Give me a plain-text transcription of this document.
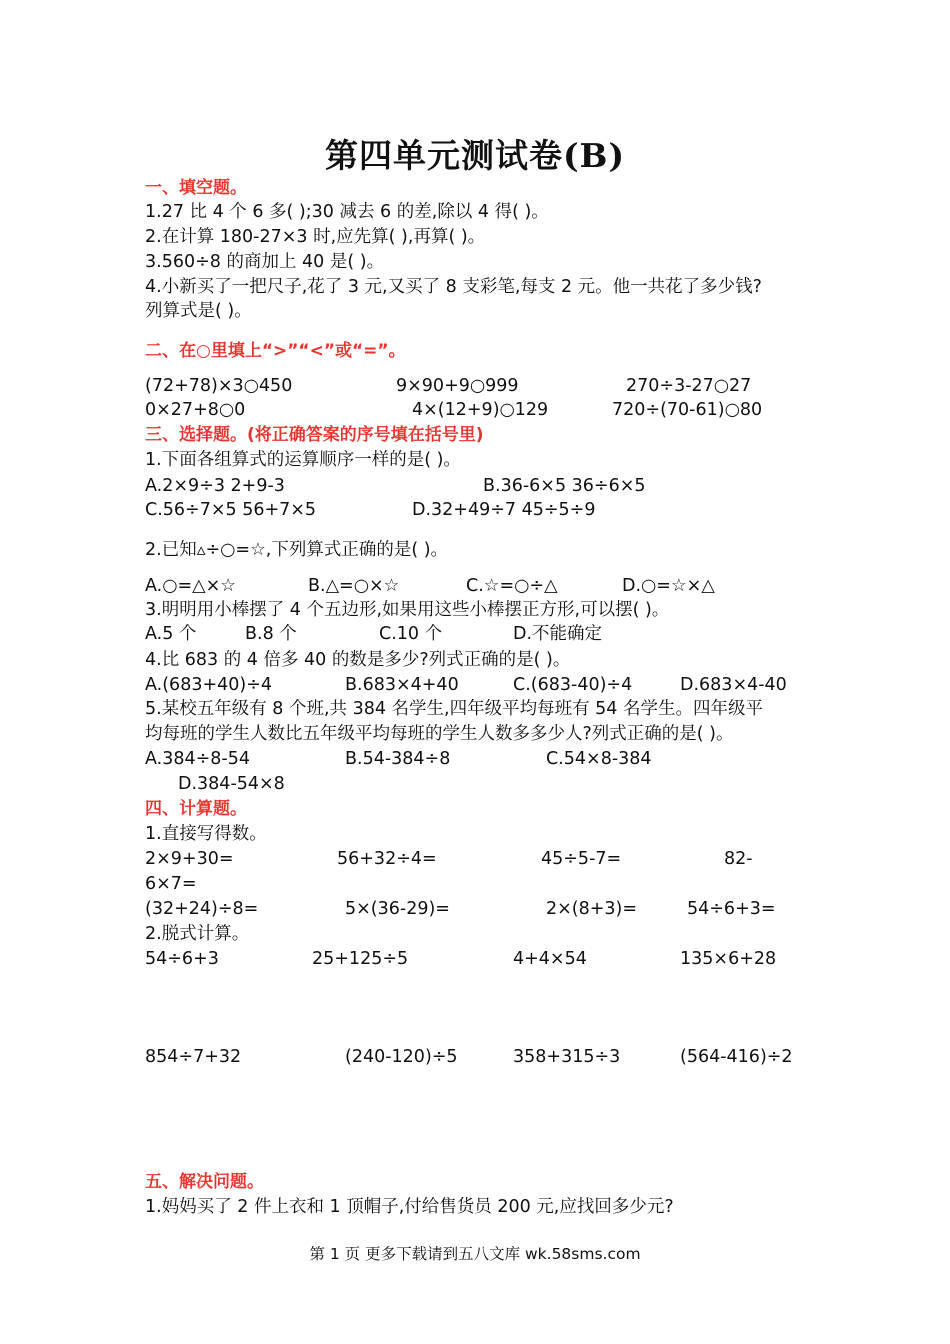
第四单元测试卷(B)
一、填空题。
1.27 比 4 个 6 多( );30 减去 6 的差,除以 4 得( )。
2.在计算 180-27×3 时,应先算( ),再算( )。
3.560÷8 的商加上 40 是( )。
4.小新买了一把尺子,花了 3 元,又买了 8 支彩笔,每支 2 元。他一共花了多少钱?
列算式是( )。
二、在○里填上“>”“<”或“=”。
(72+78)×3○450	9×90+9○999	270÷3-27○27
0×27+8○0	4×(12+9)○129	720÷(70-61)○80
三、选择题。(将正确答案的序号填在括号里)
1.下面各组算式的运算顺序一样的是( )。
A.2×9÷3 2+9-3	B.36-6×5 36÷6×5
C.56÷7×5 56+7×5	D.32+49÷7 45÷5÷9
2.已知▵÷○=☆,下列算式正确的是( )。
A.○=△×☆	B.△=○×☆	C.☆=○÷△	D.○=☆×△
3.明明用小棒摆了 4 个五边形,如果用这些小棒摆正方形,可以摆( )。
A.5 个	B.8 个	C.10 个	D.不能确定
4.比 683 的 4 倍多 40 的数是多少?列式正确的是( )。
A.(683+40)÷4	B.683×4+40	C.(683-40)÷4	D.683×4-40
5.某校五年级有 8 个班,共 384 名学生,四年级平均每班有 54 名学生。四年级平
均每班的学生人数比五年级平均每班的学生人数多多少人?列式正确的是( )。
A.384÷8-54	B.54-384÷8	C.54×8-384
D.384-54×8
四、计算题。
1.直接写得数。
2×9+30=	56+32÷4=	45÷5-7=	82-
6×7=
(32+24)÷8=	5×(36-29)=	2×(8+3)=	54÷6+3=
2.脱式计算。
54÷6+3	25+125÷5	4+4×54	135×6+28
854÷7+32	(240-120)÷5	358+315÷3	(564-416)÷2
五、解决问题。
1.妈妈买了 2 件上衣和 1 顶帽子,付给售货员 200 元,应找回多少元?
第 1 页 更多下载请到五八文库 wk.58sms.com
